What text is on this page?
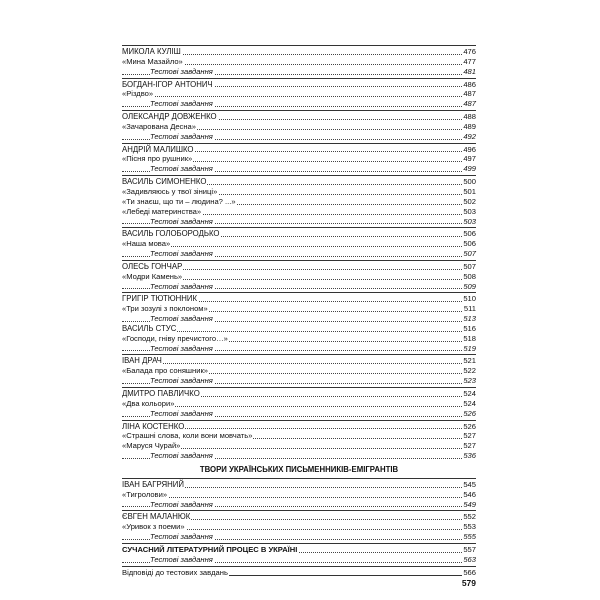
МИКОЛА КУЛІШ	476
«Мина Мазайло»	477
Тестові завдання	481
БОГДАН-ІГОР АНТОНИЧ	486
«Різдво»	487
Тестові завдання	487
ОЛЕКСАНДР ДОВЖЕНКО	488
«Зачарована Десна»	489
Тестові завдання	492
АНДРІЙ МАЛИШКО	496
«Пісня про рушник»	497
Тестові завдання	499
ВАСИЛЬ СИМОНЕНКО	500
«Задивляюсь у твої зіниці»	501
«Ти знаєш, що ти – людина? ...»	502
«Лебеді материнства»	503
Тестові завдання	503
ВАСИЛЬ ГОЛОБОРОДЬКО	506
«Наша мова»	506
Тестові завдання	507
ОЛЕСЬ ГОНЧАР	507
«Модри Камень»	508
Тестові завдання	509
ГРИГІР ТЮТЮННИК	510
«Три зозулі з поклоном»	511
Тестові завдання	513
ВАСИЛЬ СТУС	516
«Господи, гніву пречистого…»	518
Тестові завдання	519
ІВАН ДРАЧ	521
«Балада про соняшник»	522
Тестові завдання	523
ДМИТРО ПАВЛИЧКО	524
«Два кольори»	524
Тестові завдання	526
ЛІНА КОСТЕНКО	526
«Страшні слова, коли вони мовчать»	527
«Маруся Чурай»	527
Тестові завдання	536
ТВОРИ УКРАЇНСЬКИХ ПИСЬМЕННИКІВ-ЕМІГРАНТІВ
ІВАН БАГРЯНИЙ	545
«Тигролови»	546
Тестові завдання	549
ЄВГЕН МАЛАНЮК	552
«Уривок з поеми»	553
Тестові завдання	555
СУЧАСНИЙ ЛІТЕРАТУРНИЙ ПРОЦЕС В УКРАЇНІ	557
Тестові завдання	563
Відповіді до тестових завдань	566
579
